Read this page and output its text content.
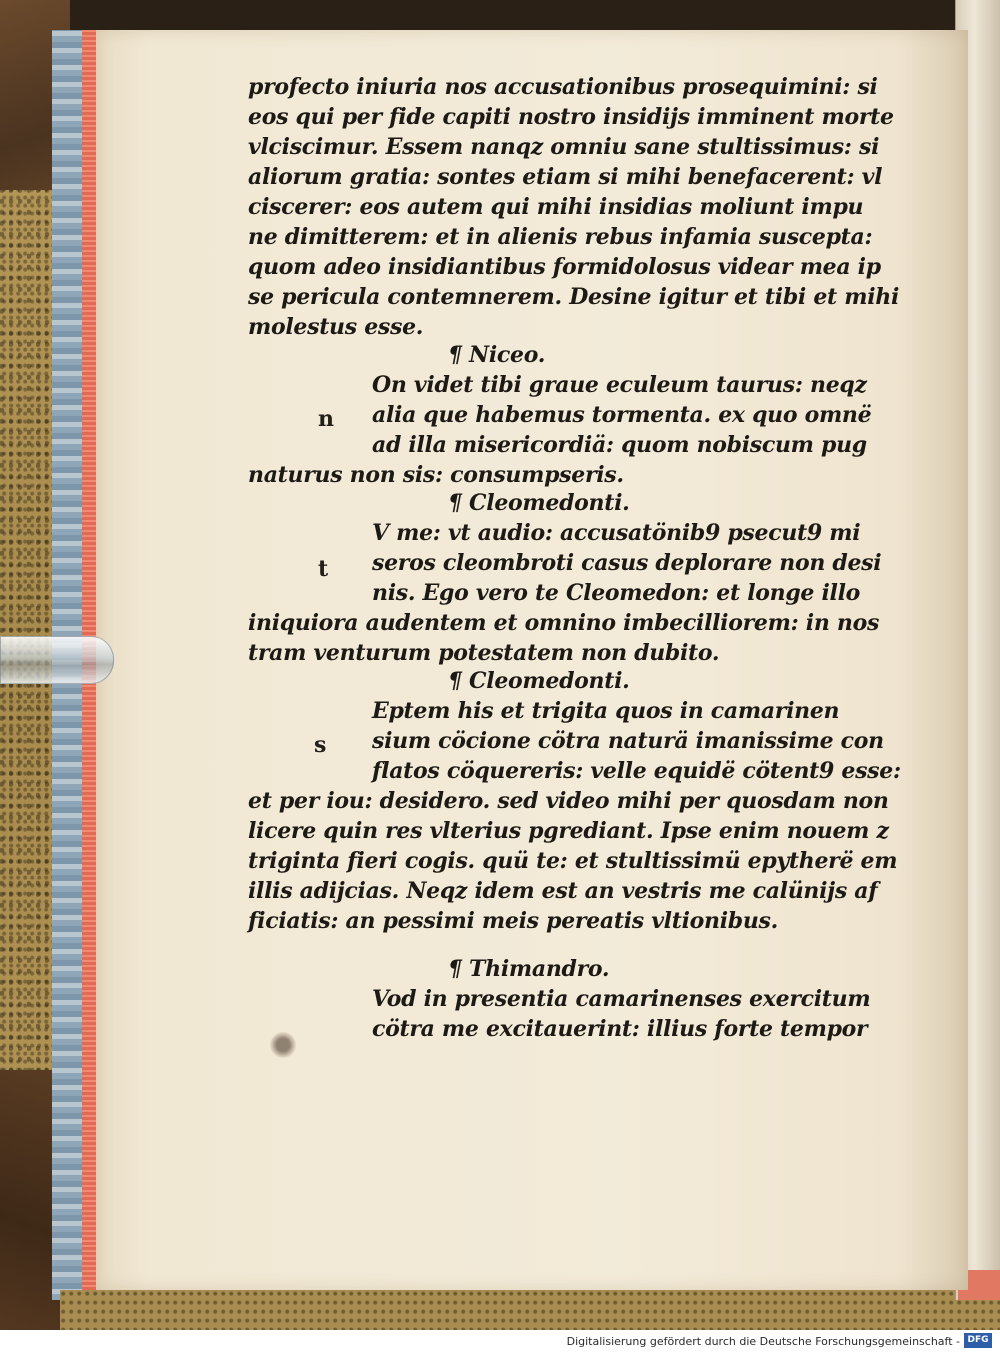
profecto iniuria nos accusationibus prosequimini: si
eos qui per fide capiti nostro insidijs imminent morte
vlciscimur. Essem nanqz omniu sane stultissimus: si
aliorum gratia: sontes etiam si mihi benefacerent: vl
ciscerer: eos autem qui mihi insidias moliunt impu
ne dimitterem: et in alienis rebus infamia suscepta:
quom adeo insidiantibus formidolosus videar mea ip
se pericula contemnerem. Desine igitur et tibi et mihi
molestus esse.
¶ Niceo.
n
On videt tibi graue eculeum taurus: neqz
alia que habemus tormenta. ex quo omnë
ad illa misericordiä: quom nobiscum pug
naturus non sis: consumpseris.
¶ Cleomedonti.
t
V me: vt audio: accusatönib9 psecut9 mi
seros cleombroti casus deplorare non desi
nis. Ego vero te Cleomedon: et longe illo
iniquiora audentem et omnino imbecilliorem: in nos
tram venturum potestatem non dubito.
¶ Cleomedonti.
s
Eptem his et trigita quos in camarinen
sium cöcione cötra naturä imanissime con
flatos cöquereris: velle equidë cötent9 esse:
et per iou: desidero. sed video mihi per quosdam non
licere quin res vlterius pgrediant. Ipse enim nouem z
triginta fieri cogis. quü te: et stultissimü epytherë em
illis adijcias. Neqz idem est an vestris me calünijs af
ficiatis: an pessimi meis pereatis vltionibus.
¶ Thimandro.
Vod in presentia camarinenses exercitum
cötra me excitauerint: illius forte tempor
Digitalisierung gefördert durch die Deutsche Forschungsgemeinschaft - DFG
